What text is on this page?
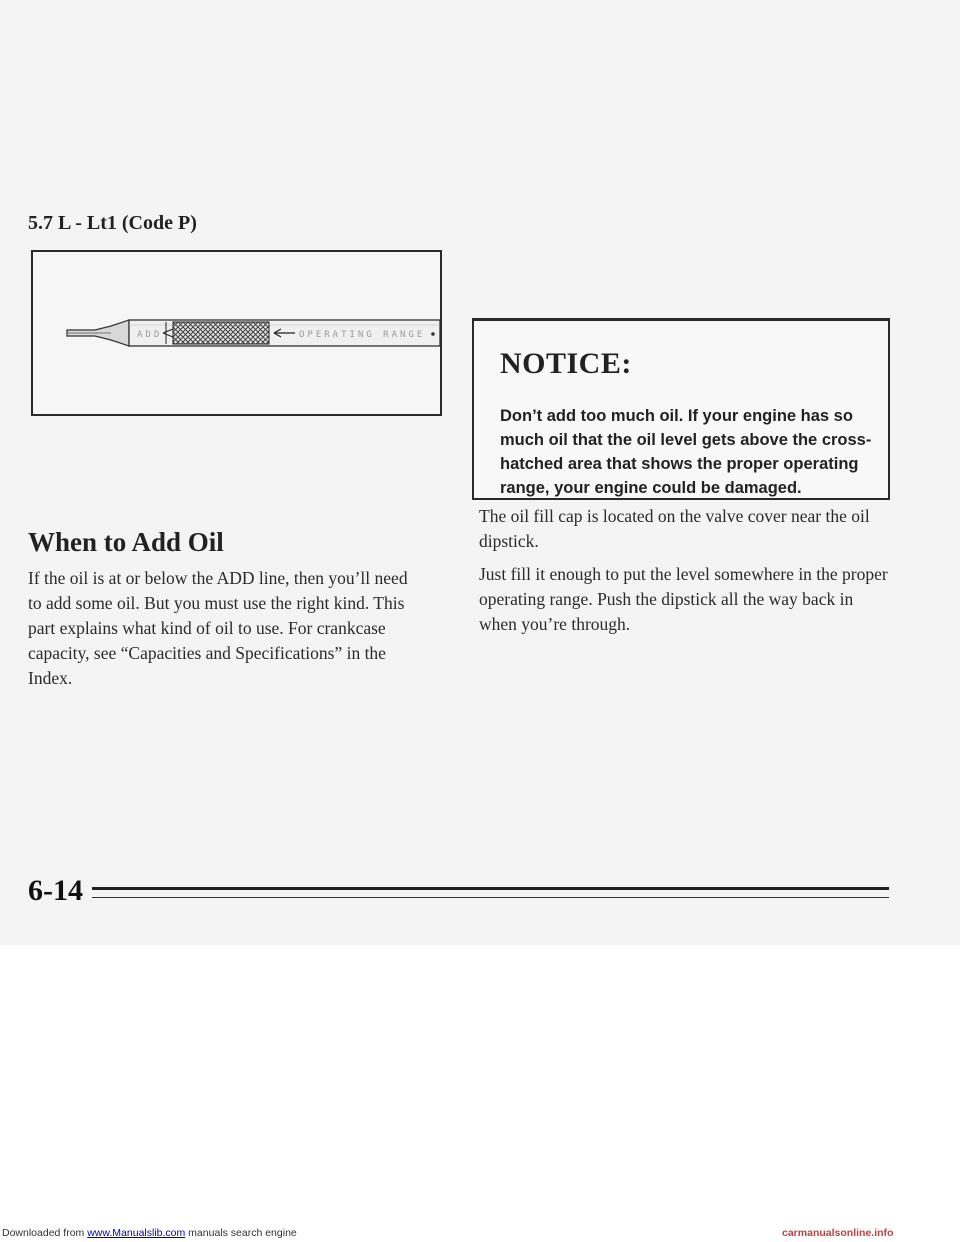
5.7 L - Lt1 (Code P)
ADD	OPERATING RANGE
When to Add Oil
If the oil is at or below the ADD line, then you’ll need to add some oil. But you must use the right kind. This part explains what kind of oil to use. For crankcase capacity, see “Capacities and Specifications” in the Index.
NOTICE:
Don’t add too much oil. If your engine has so much oil that the oil level gets above the cross-hatched area that shows the proper operating range, your engine could be damaged.
The oil fill cap is located on the valve cover near the oil dipstick.
Just fill it enough to put the level somewhere in the proper operating range. Push the dipstick all the way back in when you’re through.
6-14
Downloaded from www.Manualslib.com manuals search engine	carmanualsonline.info
